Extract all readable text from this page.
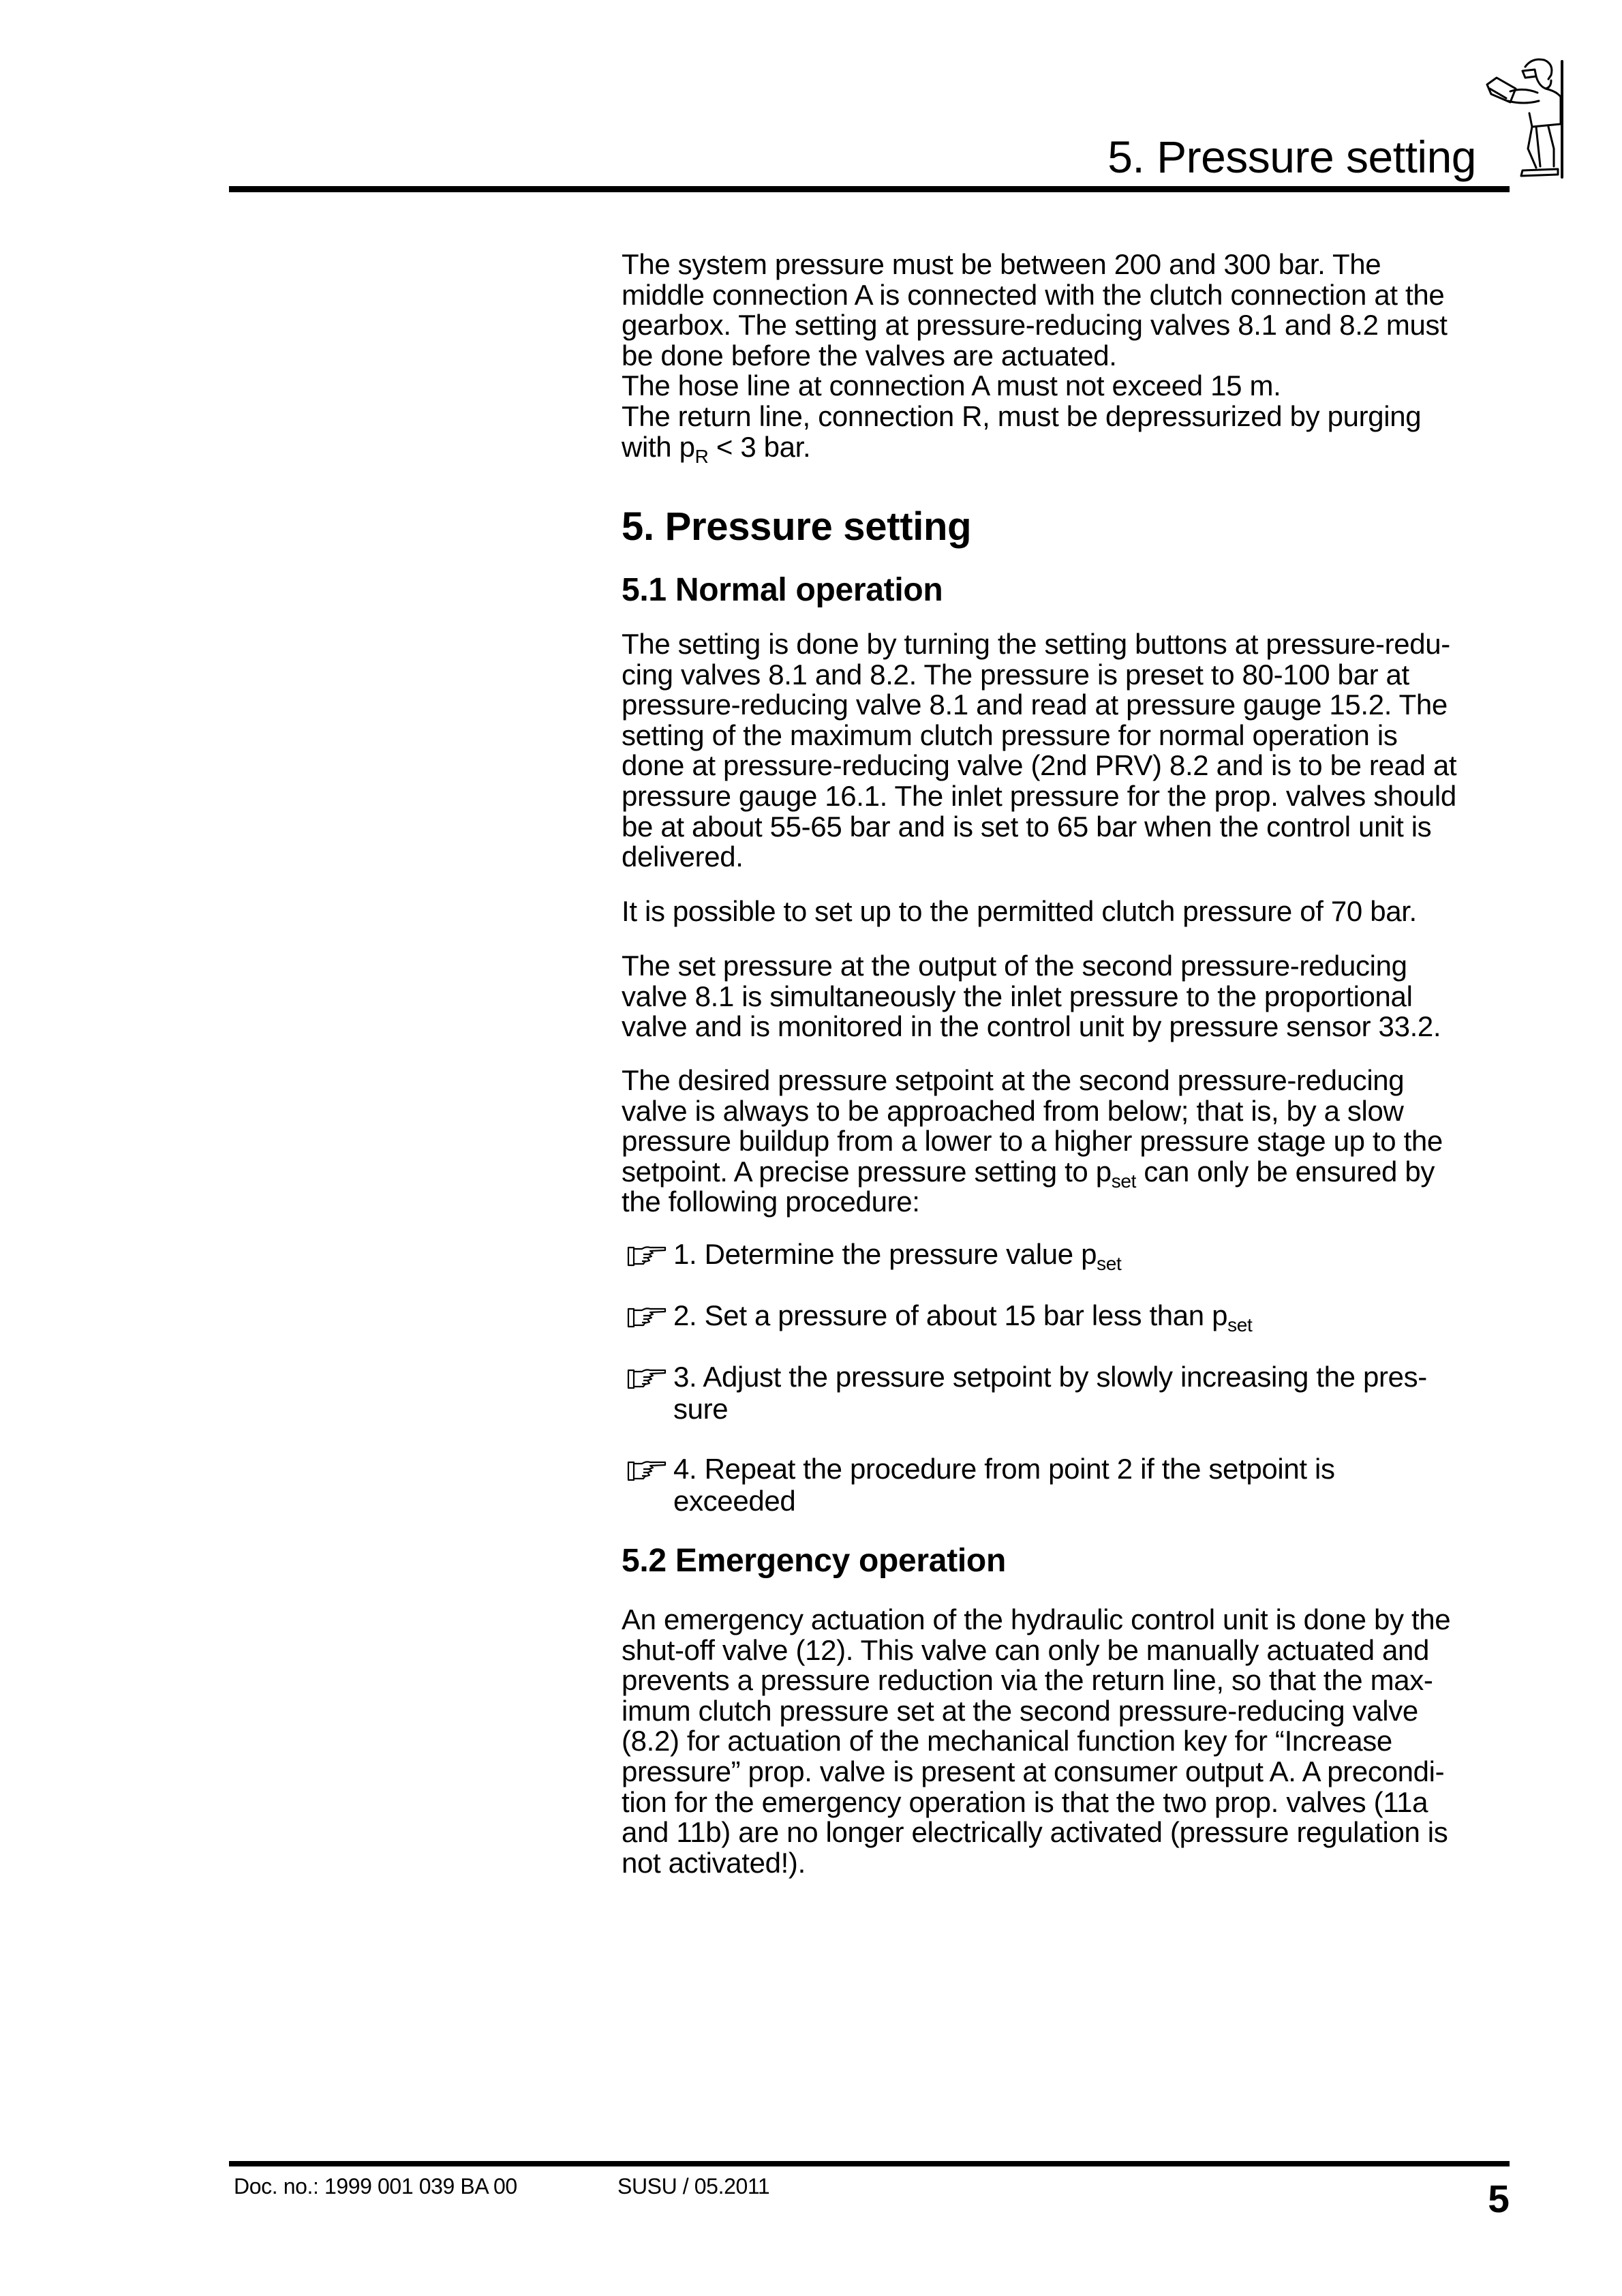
5. Pressure setting
The system pressure must be between 200 and 300 bar. The
middle connection A is connected with the clutch connection at the
gearbox. The setting at pressure-reducing valves 8.1 and 8.2 must
be done before the valves are actuated.
The hose line at connection A must not exceed 15 m.
The return line, connection R, must be depressurized by purging
with $p_R < 3$ bar.
5. Pressure setting
5.1 Normal operation
The setting is done by turning the setting buttons at pressure-redu-
cing valves 8.1 and 8.2. The pressure is preset to 80-100 bar at
pressure-reducing valve 8.1 and read at pressure gauge 15.2. The
setting of the maximum clutch pressure for normal operation is
done at pressure-reducing valve (2nd PRV) 8.2 and is to be read at
pressure gauge 16.1. The inlet pressure for the prop. valves should
be at about 55-65 bar and is set to 65 bar when the control unit is
delivered.
It is possible to set up to the permitted clutch pressure of 70 bar.
The set pressure at the output of the second pressure-reducing
valve 8.1 is simultaneously the inlet pressure to the proportional
valve and is monitored in the control unit by pressure sensor 33.2.
The desired pressure setpoint at the second pressure-reducing
valve is always to be approached from below; that is, by a slow
pressure buildup from a lower to a higher pressure stage up to the
setpoint. A precise pressure setting to $p_{set}$ can only be ensured by
the following procedure:
1. Determine the pressure value $p_{set}$
2. Set a pressure of about 15 bar less than $p_{set}$
3. Adjust the pressure setpoint by slowly increasing the pres-
sure
4. Repeat the procedure from point 2 if the setpoint is
exceeded
5.2 Emergency operation
An emergency actuation of the hydraulic control unit is done by the
shut-off valve (12). This valve can only be manually actuated and
prevents a pressure reduction via the return line, so that the max-
imum clutch pressure set at the second pressure-reducing valve
(8.2) for actuation of the mechanical function key for “Increase
pressure” prop. valve is present at consumer output A. A precondi-
tion for the emergency operation is that the two prop. valves (11a
and 11b) are no longer electrically activated (pressure regulation is
not activated!).
Doc. no.: 1999 001 039 BA 00	SUSU / 05.2011	5
